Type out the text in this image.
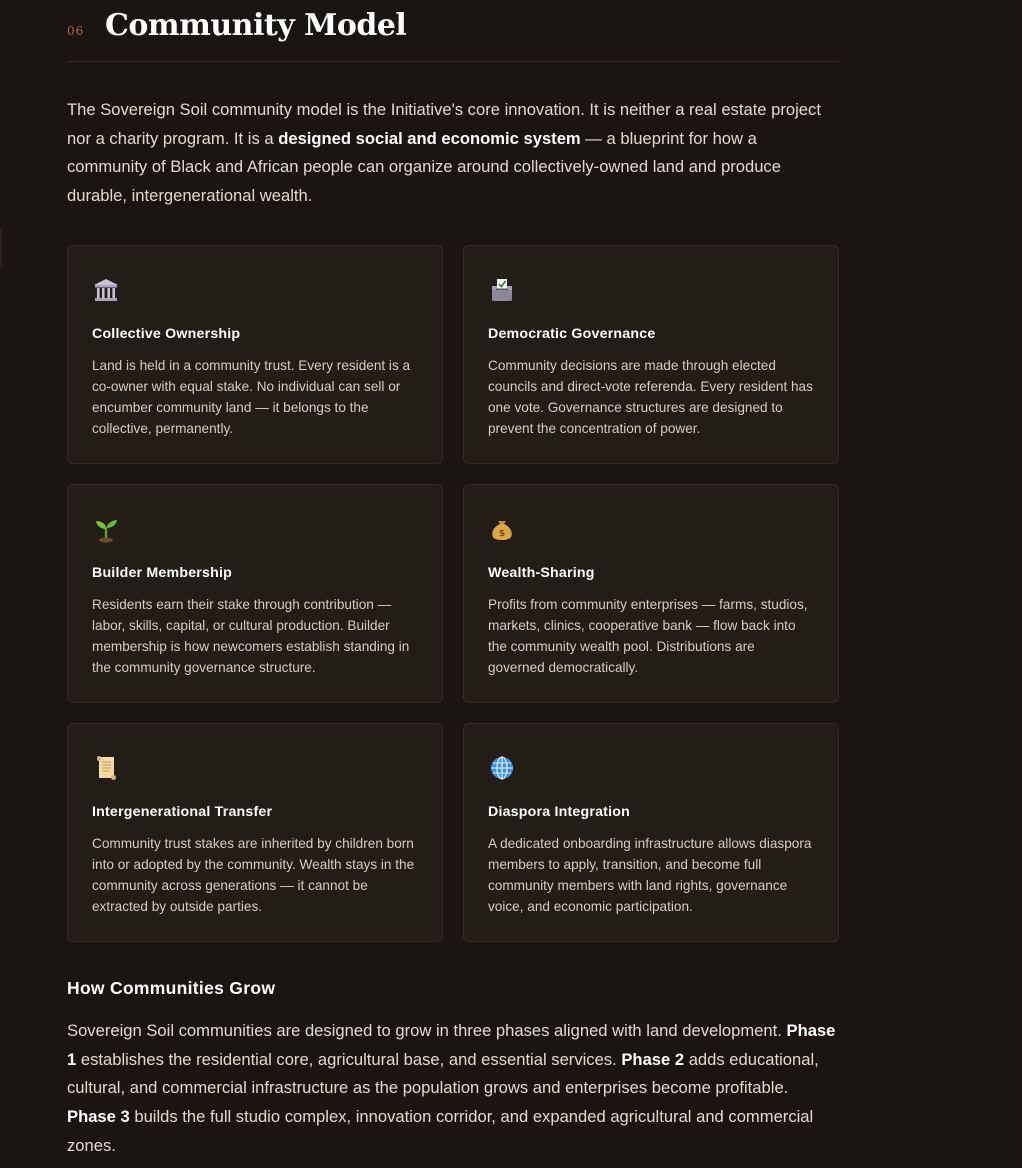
06 Community Model

The Sovereign Soil community model is the Initiative's core innovation. It is neither a real estate project nor a charity program. It is a designed social and economic system — a blueprint for how a community of Black and African people can organize around collectively-owned land and produce durable, intergenerational wealth.

Collective Ownership

Land is held in a community trust. Every resident is a co-owner with equal stake. No individual can sell or encumber community land — it belongs to the collective, permanently.

Democratic Governance

Community decisions are made through elected councils and direct-vote referenda. Every resident has one vote. Governance structures are designed to prevent the concentration of power.

Builder Membership

Residents earn their stake through contribution — labor, skills, capital, or cultural production. Builder membership is how newcomers establish standing in the community governance structure.

$
Wealth-Sharing

Profits from community enterprises — farms, studios, markets, clinics, cooperative bank — flow back into the community wealth pool. Distributions are governed democratically.

Intergenerational Transfer

Community trust stakes are inherited by children born into or adopted by the community. Wealth stays in the community across generations — it cannot be extracted by outside parties.

Diaspora Integration

A dedicated onboarding infrastructure allows diaspora members to apply, transition, and become full community members with land rights, governance voice, and economic participation.

How Communities Grow

Sovereign Soil communities are designed to grow in three phases aligned with land development. Phase 1 establishes the residential core, agricultural base, and essential services. Phase 2 adds educational, cultural, and commercial infrastructure as the population grows and enterprises become profitable. Phase 3 builds the full studio complex, innovation corridor, and expanded agricultural and commercial zones.
